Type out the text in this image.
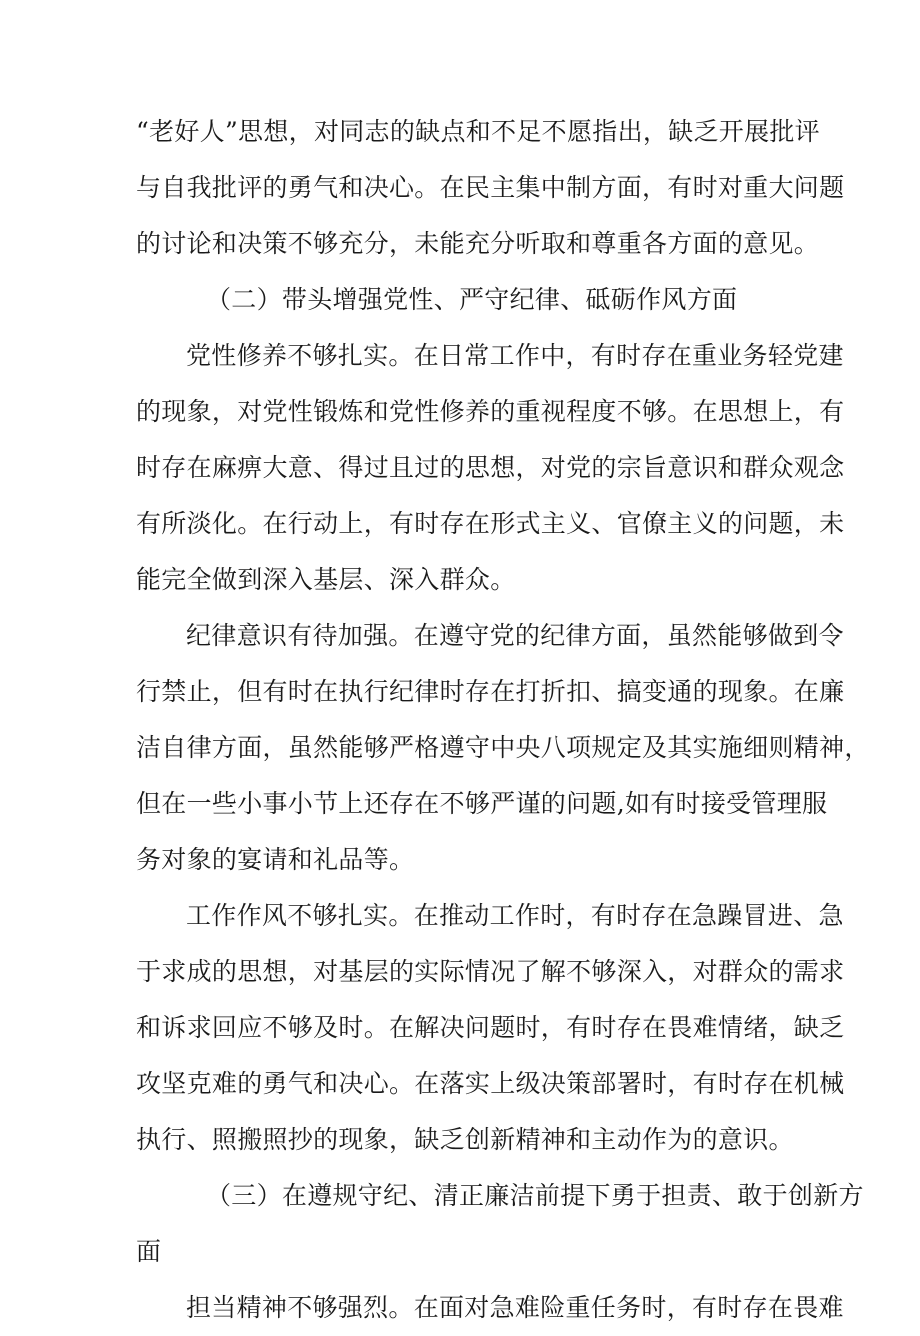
“老好人”思想，对同志的缺点和不足不愿指出，缺乏开展批评
与自我批评的勇气和决心。在民主集中制方面，有时对重大问题
的讨论和决策不够充分，未能充分听取和尊重各方面的意见。
（二）带头增强党性、严守纪律、砥砺作风方面
党性修养不够扎实。在日常工作中，有时存在重业务轻党建
的现象，对党性锻炼和党性修养的重视程度不够。在思想上，有
时存在麻痹大意、得过且过的思想，对党的宗旨意识和群众观念
有所淡化。在行动上，有时存在形式主义、官僚主义的问题，未
能完全做到深入基层、深入群众。
纪律意识有待加强。在遵守党的纪律方面，虽然能够做到令
行禁止，但有时在执行纪律时存在打折扣、搞变通的现象。在廉
洁自律方面，虽然能够严格遵守中央八项规定及其实施细则精神，
但在一些小事小节上还存在不够严谨的问题,如有时接受管理服
务对象的宴请和礼品等。
工作作风不够扎实。在推动工作时，有时存在急躁冒进、急
于求成的思想，对基层的实际情况了解不够深入，对群众的需求
和诉求回应不够及时。在解决问题时，有时存在畏难情绪，缺乏
攻坚克难的勇气和决心。在落实上级决策部署时，有时存在机械
执行、照搬照抄的现象，缺乏创新精神和主动作为的意识。
（三）在遵规守纪、清正廉洁前提下勇于担责、敢于创新方
面
担当精神不够强烈。在面对急难险重任务时，有时存在畏难
